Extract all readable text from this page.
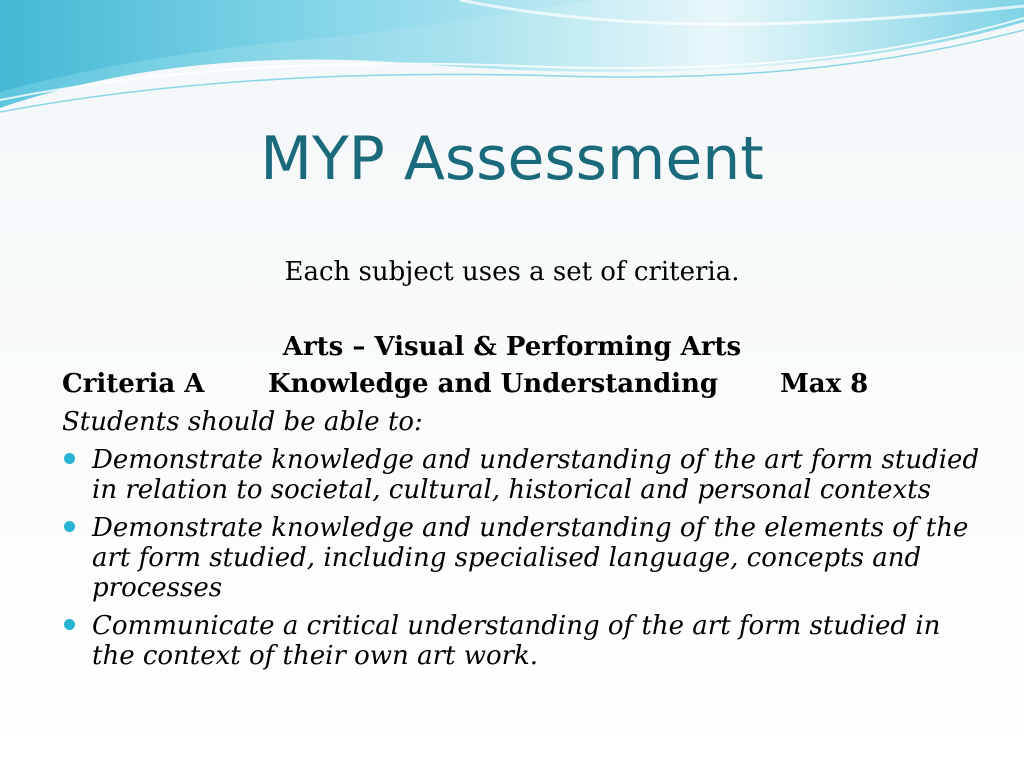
MYP Assessment
Each subject uses a set of criteria.
Arts – Visual & Performing Arts
Criteria A Knowledge and Understanding Max 8
Students should be able to:
Demonstrate knowledge and understanding of the art form studied in relation to societal, cultural, historical and personal contexts
Demonstrate knowledge and understanding of the elements of the art form studied, including specialised language, concepts and processes
Communicate a critical understanding of the art form studied in the context of their own art work.
